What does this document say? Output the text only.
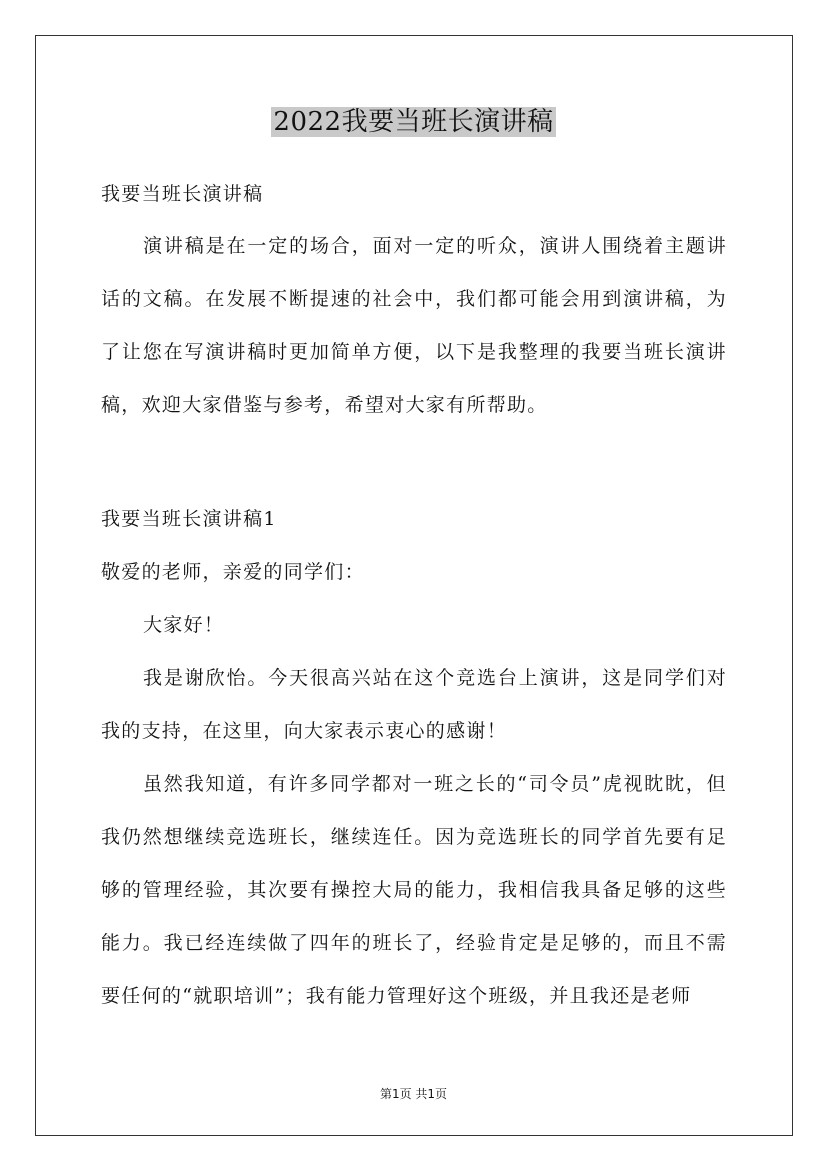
2022我要当班长演讲稿
我要当班长演讲稿

演讲稿是在一定的场合，面对一定的听众，演讲人围绕着主题讲话的文稿。在发展不断提速的社会中，我们都可能会用到演讲稿，为了让您在写演讲稿时更加简单方便，以下是我整理的我要当班长演讲稿，欢迎大家借鉴与参考，希望对大家有所帮助。

我要当班长演讲稿1
敬爱的老师，亲爱的同学们：
大家好！

我是谢欣怡。今天很高兴站在这个竞选台上演讲，这是同学们对我的支持，在这里，向大家表示衷心的感谢！

虽然我知道，有许多同学都对一班之长的“司令员”虎视眈眈，但我仍然想继续竞选班长，继续连任。因为竞选班长的同学首先要有足够的管理经验，其次要有操控大局的能力，我相信我具备足够的这些能力。我已经连续做了四年的班长了，经验肯定是足够的，而且不需要任何的“就职培训”；我有能力管理好这个班级，并且我还是老师

第1页 共1页
